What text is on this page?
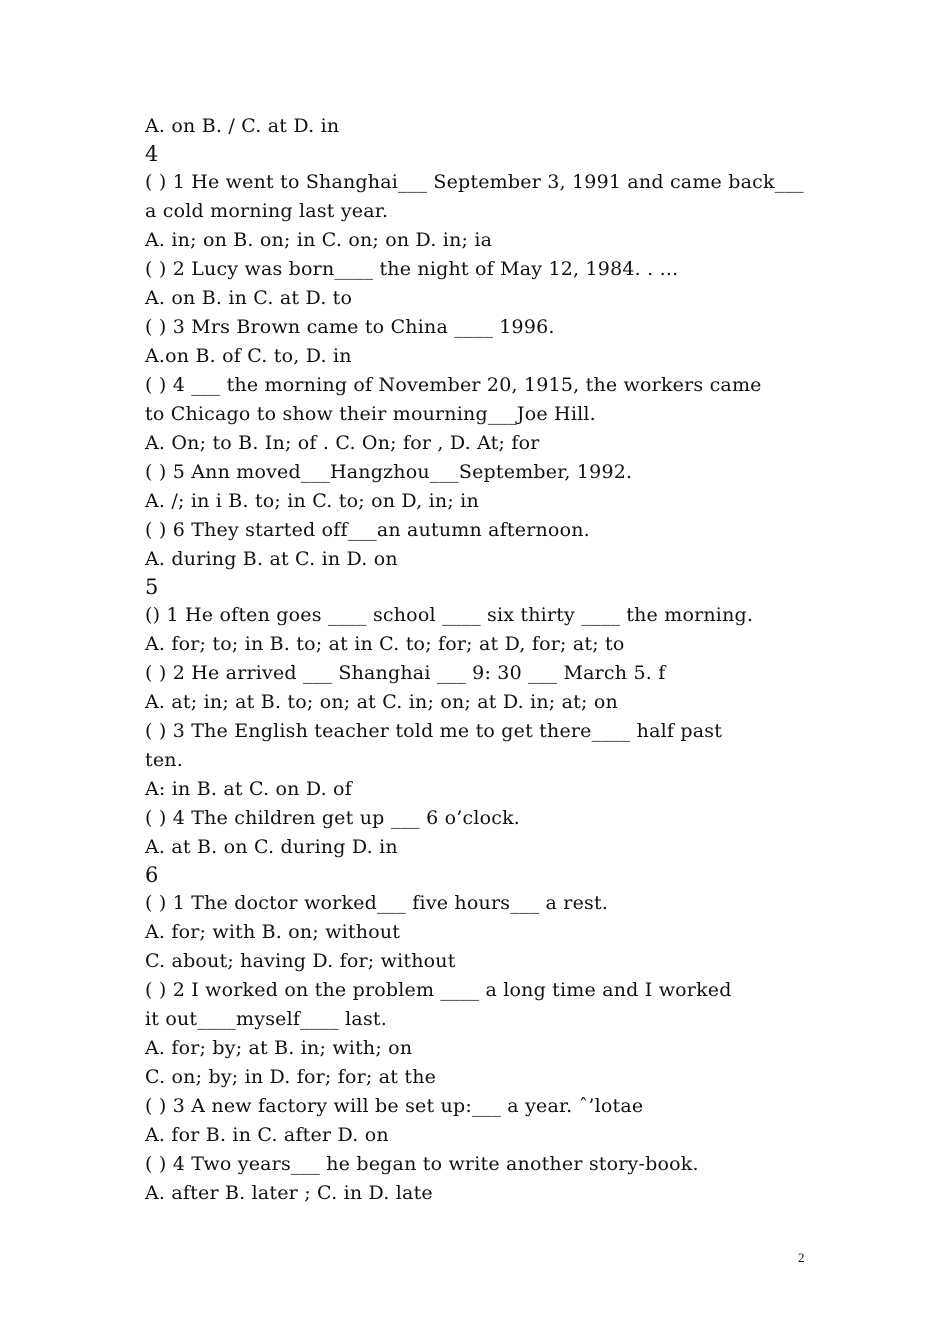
A. on B. / C. at D. in
4
( ) 1 He went to Shanghai___ September 3, 1991 and came back___
a cold morning last year.
A. in; on B. on; in C. on; on D. in; ia
( ) 2 Lucy was born____ the night of May 12, 1984. . ...
A. on B. in C. at D. to
( ) 3 Mrs Brown came to China ____ 1996.
A.on B. of C. to, D. in
( ) 4 ___ the morning of November 20, 1915, the workers came
to Chicago to show their mourning___Joe Hill.
A. On; to B. In; of . C. On; for , D. At; for
( ) 5 Ann moved___Hangzhou___September, 1992.
A. /; in i B. to; in C. to; on D, in; in
( ) 6 They started off___an autumn afternoon.
A. during B. at C. in D. on
5
() 1 He often goes ____ school ____ six thirty ____ the morning.
A. for; to; in B. to; at in C. to; for; at D, for; at; to
( ) 2 He arrived ___ Shanghai ___ 9: 30 ___ March 5. f
A. at; in; at B. to; on; at C. in; on; at D. in; at; on
( ) 3 The English teacher told me to get there____ half past
ten.
A: in B. at C. on D. of
( ) 4 The children get up ___ 6 o’clock.
A. at B. on C. during D. in
6
( ) 1 The doctor worked___ five hours___ a rest.
A. for; with B. on; without
C. about; having D. for; without
( ) 2 I worked on the problem ____ a long time and I worked
it out____myself____ last.
A. for; by; at B. in; with; on
C. on; by; in D. for; for; at the
( ) 3 A new factory will be set up:___ a year. ˆ’lotae
A. for B. in C. after D. on
( ) 4 Two years___ he began to write another story-book.
A. after B. later ; C. in D. late
2
